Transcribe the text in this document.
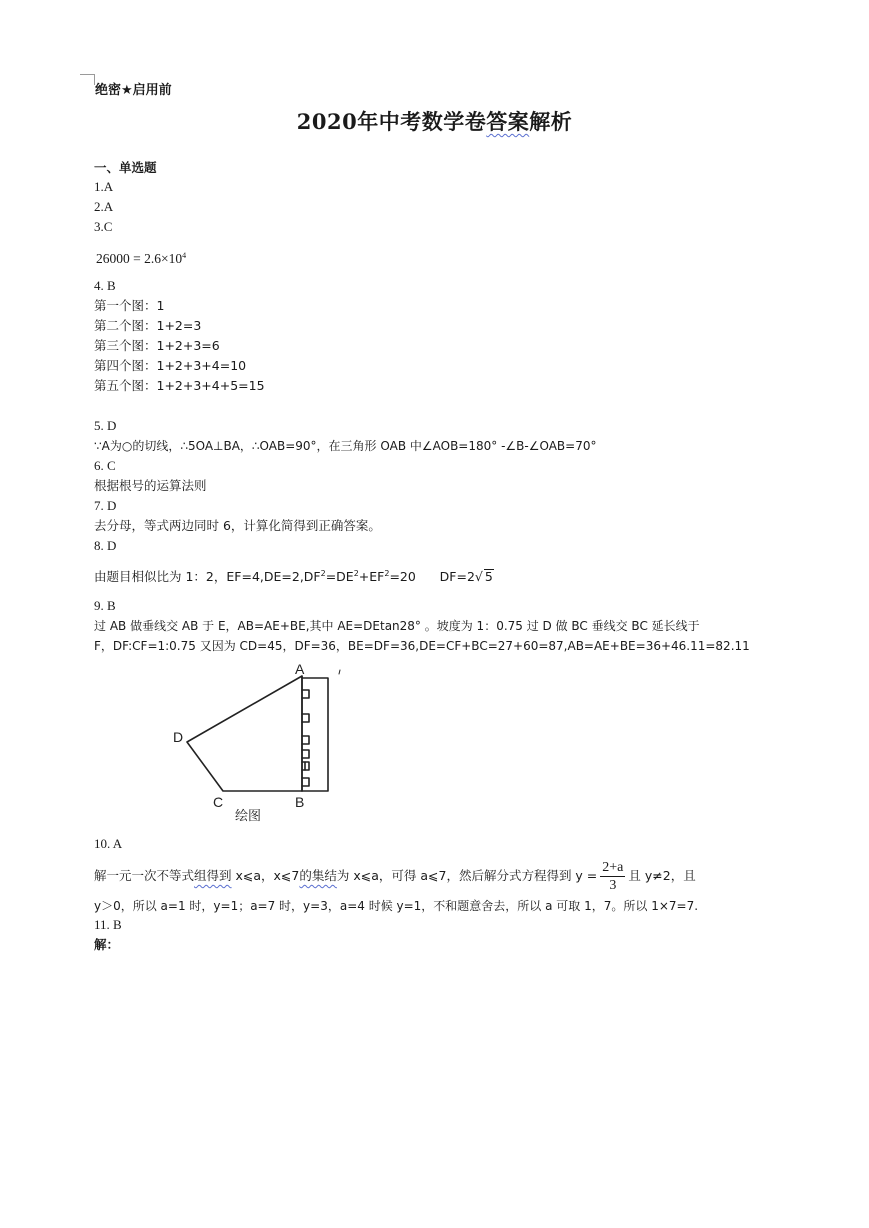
绝密★启用前
2020年中考数学卷答案解析
一、单选题
1.A
2.A
3.C
$26000 = 2.6\times 10^4$
4. B
第一个图：1
第二个图：1+2=3
第三个图：1+2+3=6
第四个图：1+2+3+4=10
第五个图：1+2+3+4+5=15
5. D
∵A为○的切线，∴5OA⊥BA，∴OAB=90°，在三角形 OAB 中∠AOB=180° -∠B-∠OAB=70°
6. C
根据根号的运算法则
7. D
去分母，等式两边同时 6，计算化简得到正确答案。
8. D
由题目相似比为 1：2，$EF=4,DE=2,DF^2=DE^2+EF^2=20$      DF=2√ 5
9. B
过 AB 做垂线交 AB 于 E，AB=AE+BE,其中 AE=DEtan28° 。坡度为 1：0.75 过 D 做 BC 垂线交 BC 延长线于
F，DF:CF=1:0.75 又因为 CD=45，DF=36，BE=DF=36,DE=CF+BC=27+60=87,AB=AE+BE=36+46.11=82.11
A
D
C	B
绘图
10. A
解一元一次不等式组得到 x⩽a，x⩽7的集结为 x⩽a，可得 a⩽7，然后解分式方程得到 $y = \frac{2+a}{3}$ 且 y≠2，且
y＞0，所以 a=1 时，y=1；a=7 时，y=3，a=4 时候 y=1，不和题意舍去，所以 a 可取 1，7。所以 1×7=7.
11. B
解：
